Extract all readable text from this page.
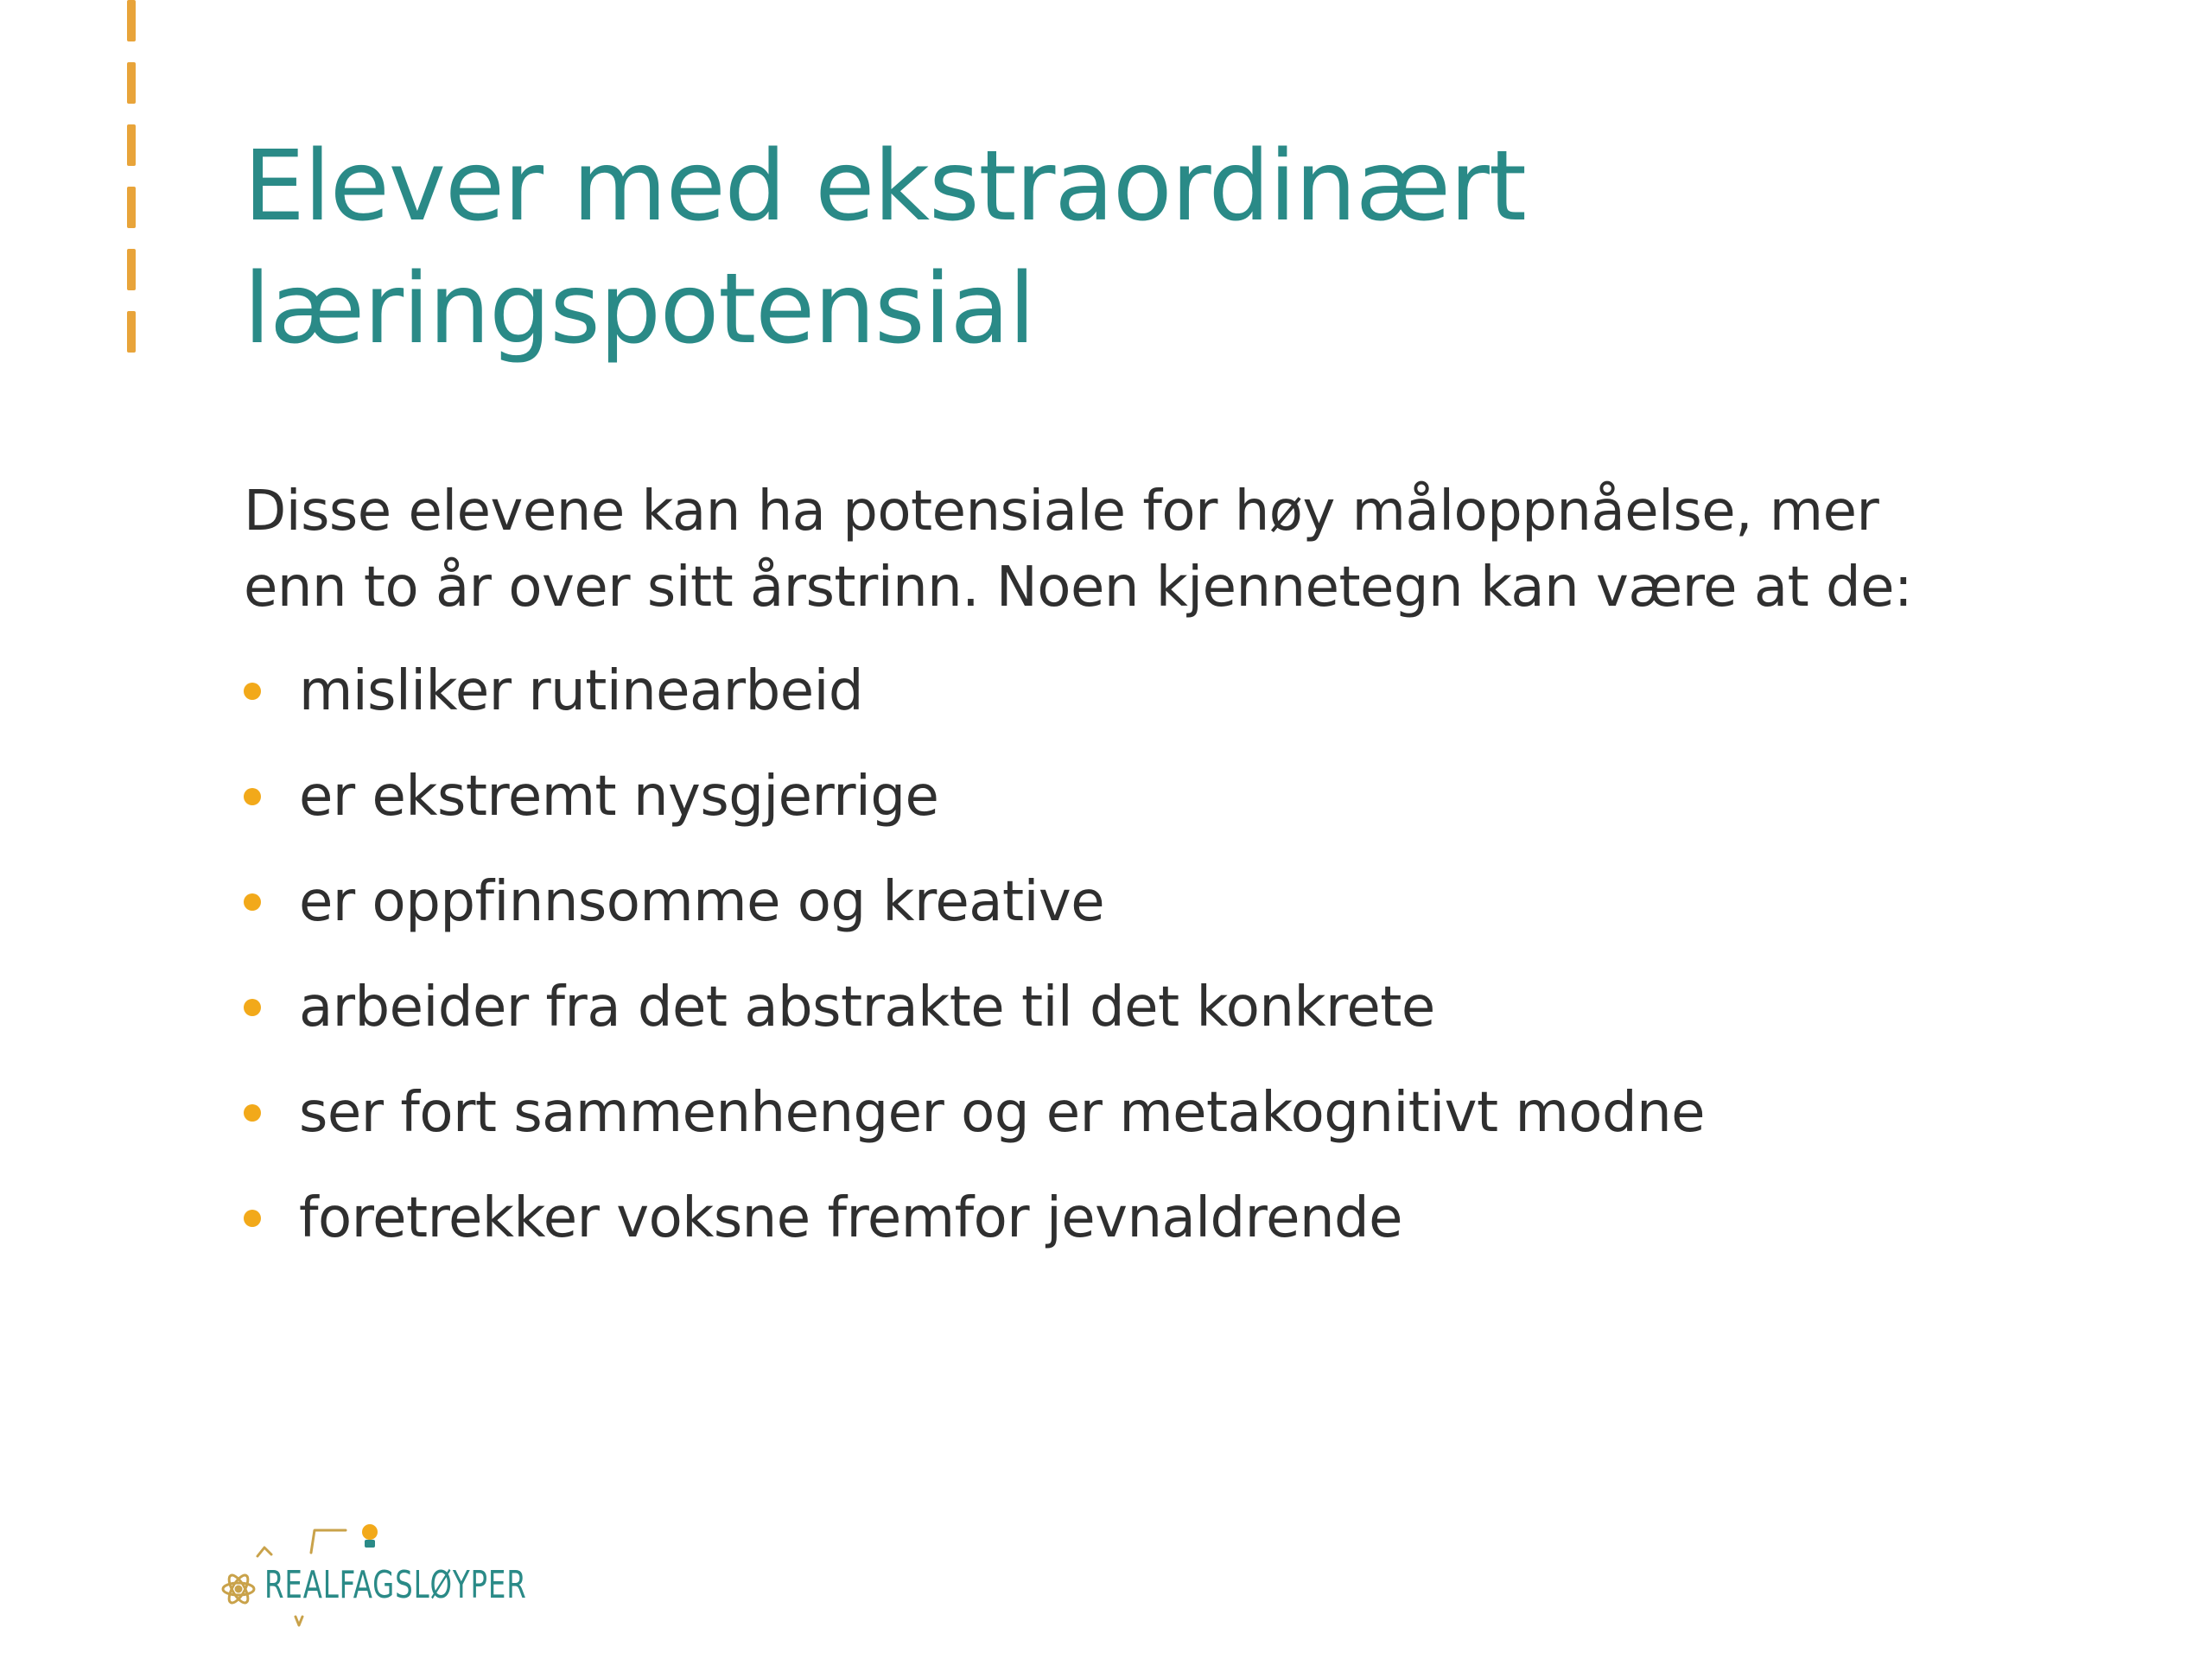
Elever med ekstraordinært
læringspotensial

Disse elevene kan ha potensiale for høy måloppnåelse, mer
enn to år over sitt årstrinn. Noen kjennetegn kan være at de:

misliker rutinearbeid
er ekstremt nysgjerrige
er oppfinnsomme og kreative
arbeider fra det abstrakte til det konkrete
ser fort sammenhenger og er metakognitivt modne
foretrekker voksne fremfor jevnaldrende
REALFAGSLØYPER
